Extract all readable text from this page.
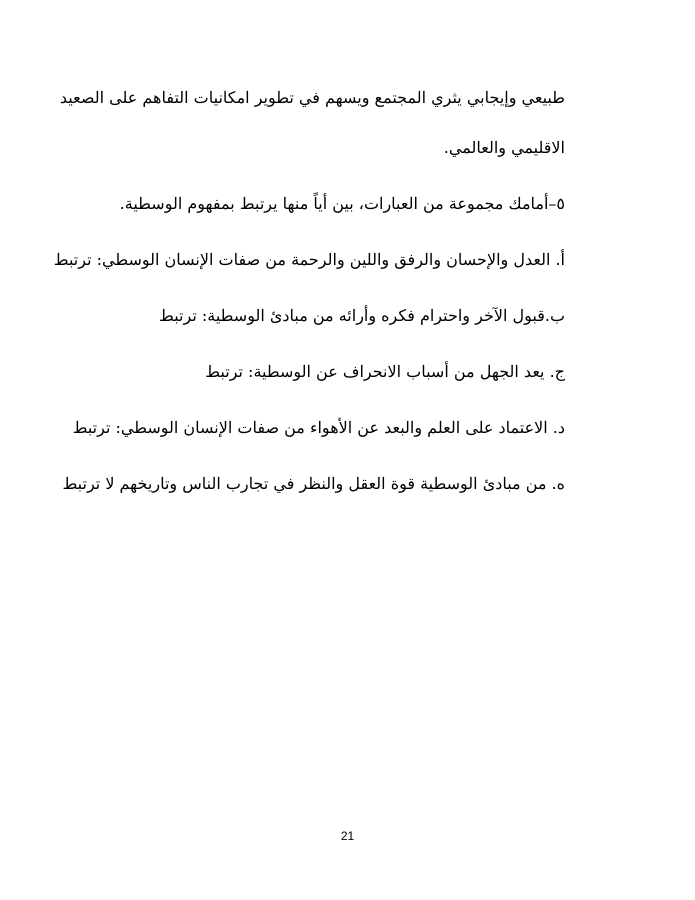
طبيعي وإيجابي يثري المجتمع ويسهم في تطوير امكانيات التفاهم على الصعيد
الاقليمي والعالمي.
٥–أمامك مجموعة من العبارات، بين أياً منها يرتبط بمفهوم الوسطية.
أ. العدل والإحسان والرفق واللين والرحمة من صفات الإنسان الوسطي: ترتبط
ب.قبول الآخر واحترام فكره وأرائه من مبادئ الوسطية: ترتبط
ج. يعد الجهل من أسباب الانحراف عن الوسطية: ترتبط
د. الاعتماد على العلم والبعد عن الأهواء من صفات الإنسان الوسطي: ترتبط
ه. من مبادئ الوسطية قوة العقل والنظر في تجارب الناس وتاريخهم لا ترتبط
21
